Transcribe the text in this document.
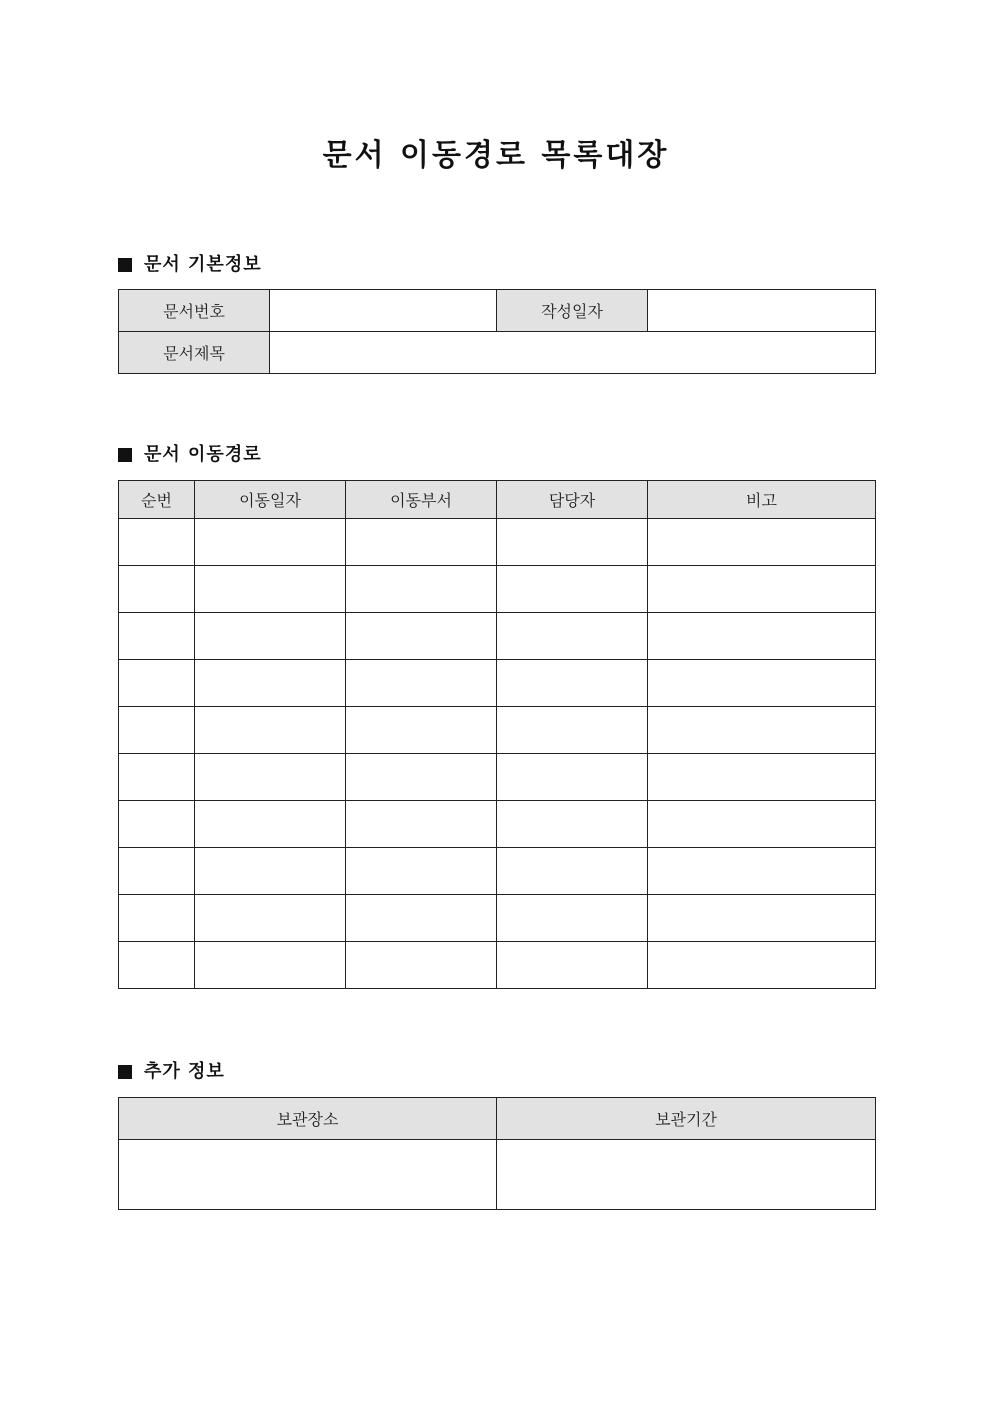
문서 이동경로 목록대장
문서 기본정보
문서번호		작성일자	
문서제목			
문서 이동경로
순번	이동일자	이동부서	담당자	비고

추가 정보
보관장소	보관기간
